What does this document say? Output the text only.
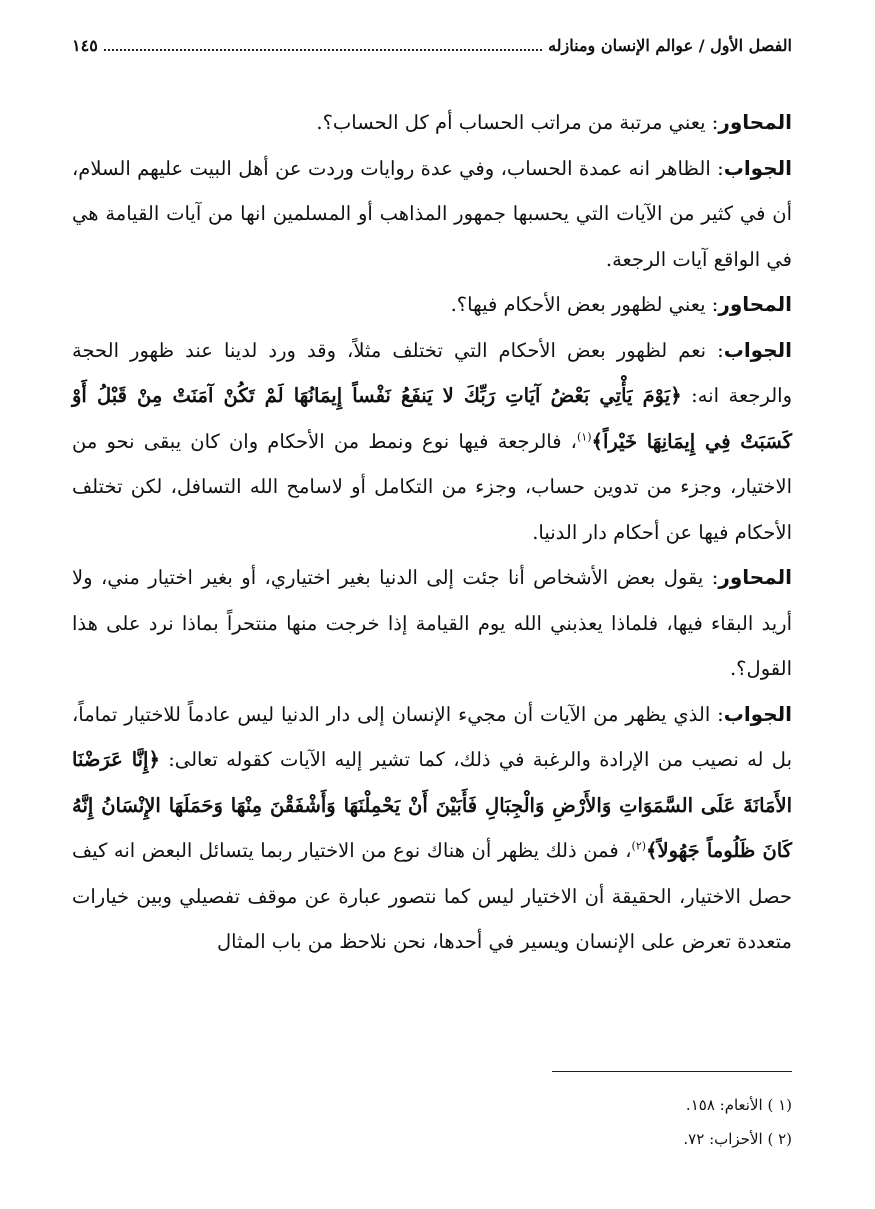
الفصل الأول / عوالم الإنسان ومنازله
١٤٥

المحاور: يعني مرتبة من مراتب الحساب أم كل الحساب؟.

الجواب: الظاهر انه عمدة الحساب، وفي عدة روايات وردت عن أهل البيت عليهم السلام، أن في كثير من الآيات التي يحسبها جمهور المذاهب أو المسلمين انها من آيات القيامة هي في الواقع آيات الرجعة.

المحاور: يعني لظهور بعض الأحكام فيها؟.

الجواب: نعم لظهور بعض الأحكام التي تختلف مثلاً، وقد ورد لدينا عند ظهور الحجة والرجعة انه: ﴿يَوْمَ يَأْتِي بَعْضُ آيَاتِ رَبِّكَ لا يَنفَعُ نَفْساً إِيمَانُهَا لَمْ تَكُنْ آمَنَتْ مِنْ قَبْلُ أَوْ كَسَبَتْ فِي إِيمَانِهَا خَيْراً﴾$^{(١)}$، فالرجعة فيها نوع ونمط من الأحكام وان كان يبقى نحو من الاختيار، وجزء من تدوين حساب، وجزء من التكامل أو لاسامح الله التسافل، لكن تختلف الأحكام فيها عن أحكام دار الدنيا.

المحاور: يقول بعض الأشخاص أنا جئت إلى الدنيا بغير اختياري، أو بغير اختيار مني، ولا أريد البقاء فيها، فلماذا يعذبني الله يوم القيامة إذا خرجت منها منتحراً بماذا نرد على هذا القول؟.

الجواب: الذي يظهر من الآيات أن مجيء الإنسان إلى دار الدنيا ليس عادماً للاختيار تماماً، بل له نصيب من الإرادة والرغبة في ذلك، كما تشير إليه الآيات كقوله تعالى: ﴿إِنَّا عَرَضْنَا الأَمَانَةَ عَلَى السَّمَوَاتِ وَالأَرْضِ وَالْجِبَالِ فَأَبَيْنَ أَنْ يَحْمِلْنَهَا وَأَشْفَقْنَ مِنْهَا وَحَمَلَهَا الإِنْسَانُ إِنَّهُ كَانَ ظَلُوماً جَهُولاً﴾$^{(٢)}$، فمن ذلك يظهر أن هناك نوع من الاختيار ربما يتسائل البعض انه كيف حصل الاختيار، الحقيقة أن الاختيار ليس كما نتصور عبارة عن موقف تفصيلي وبين خيارات متعددة تعرض على الإنسان ويسير في أحدها، نحن نلاحظ من باب المثال

(١ ) الأنعام: ١٥٨.
(٢ ) الأحزاب: ٧٢.
